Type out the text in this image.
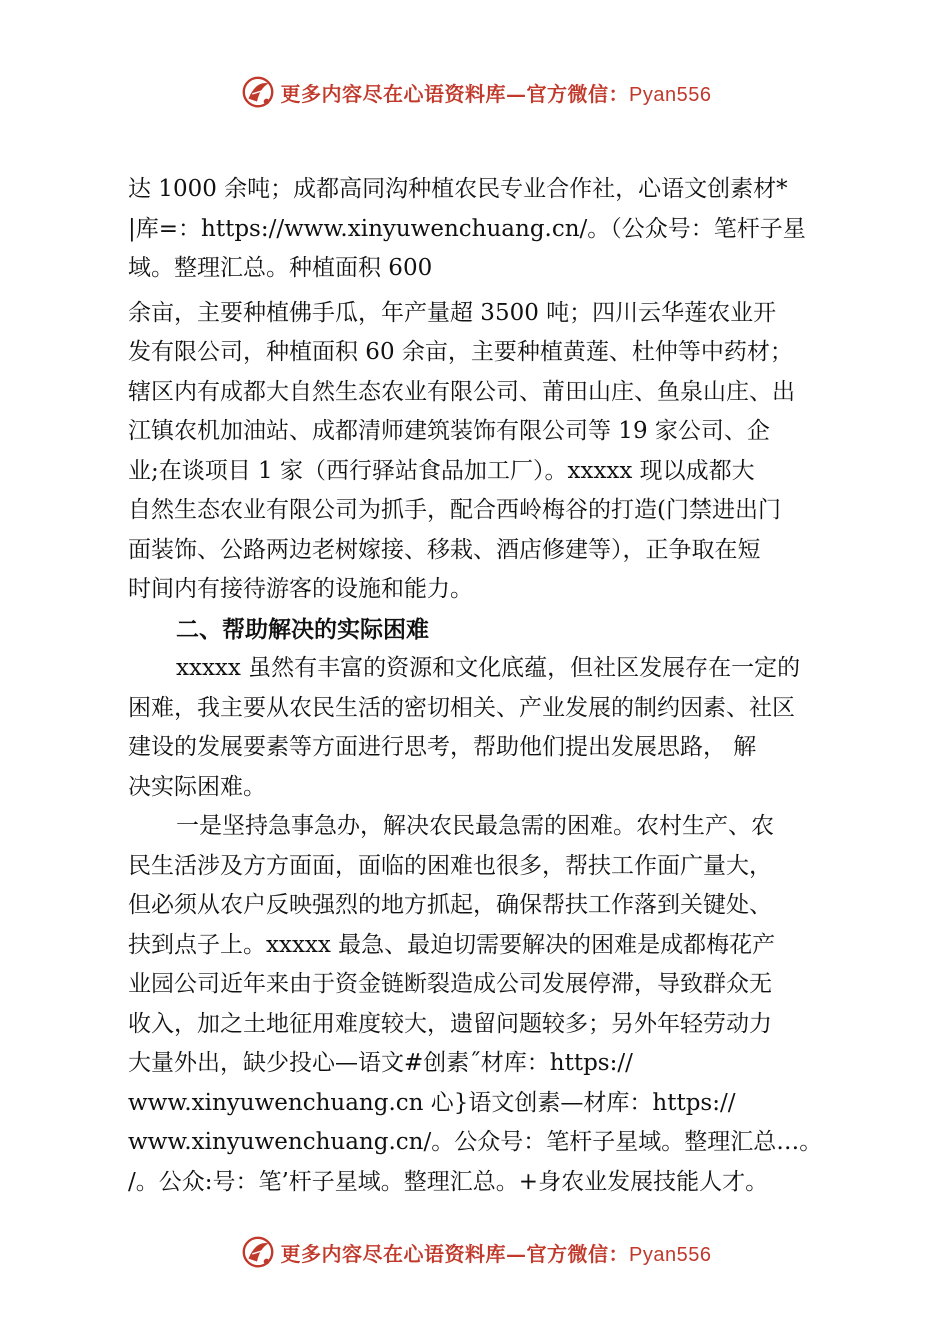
更多内容尽在心语资料库—官方微信：Pyan556

达 1000 余吨；成都高同沟种植农民专业合作社，心语文创素材*

|库=：https://www.xinyuwenchuang.cn/。（公众号：笔杆子星

域。整理汇总。种植面积 600

余亩，主要种植佛手瓜，年产量超 3500 吨；四川云华莲农业开

发有限公司，种植面积 60 余亩，主要种植黄莲、杜仲等中药材；

辖区内有成都大自然生态农业有限公司、莆田山庄、鱼泉山庄、出

江镇农机加油站、成都清师建筑装饰有限公司等 19 家公司、企

业;在谈项目 1 家（西行驿站食品加工厂）。xxxxx 现以成都大

自然生态农业有限公司为抓手，配合西岭梅谷的打造(门禁进出门

面装饰、公路两边老树嫁接、移栽、酒店修建等），正争取在短

时间内有接待游客的设施和能力。

二、帮助解决的实际困难

xxxxx 虽然有丰富的资源和文化底蕴，但社区发展存在一定的

困难，我主要从农民生活的密切相关、产业发展的制约因素、社区

建设的发展要素等方面进行思考，帮助他们提出发展思路， 解

决实际困难。

一是坚持急事急办，解决农民最急需的困难。农村生产、农

民生活涉及方方面面，面临的困难也很多，帮扶工作面广量大，

但必须从农户反映强烈的地方抓起，确保帮扶工作落到关键处、

扶到点子上。xxxxx 最急、最迫切需要解决的困难是成都梅花产

业园公司近年来由于资金链断裂造成公司发展停滞，导致群众无

收入，加之土地征用难度较大，遗留问题较多；另外年轻劳动力

大量外出，缺少投心—语文#创素˝材库：https://

www.xinyuwenchuang.cn 心}语文创素—材库：https://

www.xinyuwenchuang.cn/。公众号：笔杆子星域。整理汇总…。

/。公众:号：笔’杆子星域。整理汇总。+身农业发展技能人才。

更多内容尽在心语资料库—官方微信：Pyan556
